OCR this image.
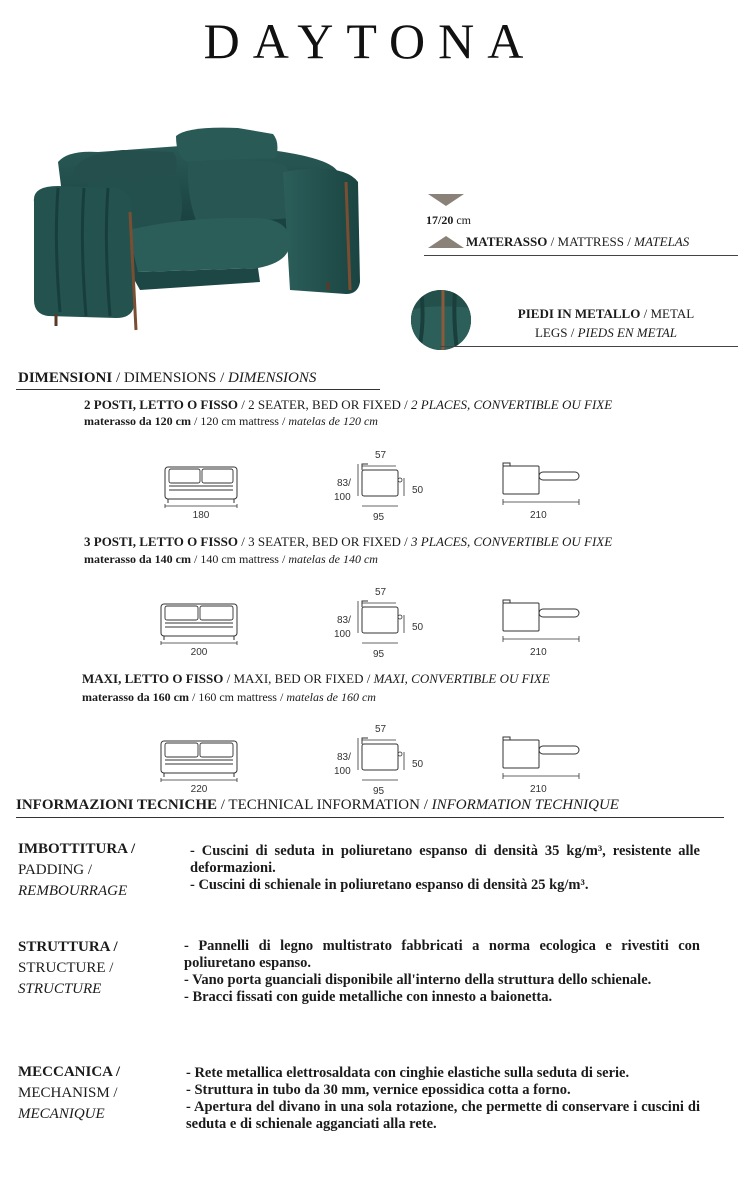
DAYTONA
17/20 cm
MATERASSO / MATTRESS / MATELAS
PIEDI IN METALLO / METAL
LEGS / PIEDS EN METAL
DIMENSIONI / DIMENSIONS / DIMENSIONS
2 POSTI, LETTO O FISSO / 2 SEATER, BED OR FIXED / 2 PLACES, CONVERTIBLE OU FIXE
materasso da 120 cm / 120 cm mattress / matelas de 120 cm
3 POSTI, LETTO O FISSO / 3 SEATER, BED OR FIXED / 3 PLACES, CONVERTIBLE OU FIXE
materasso da 140 cm / 140 cm mattress / matelas de 140 cm
MAXI, LETTO O FISSO / MAXI, BED OR FIXED / MAXI, CONVERTIBLE OU FIXE
materasso da 160 cm / 160 cm mattress / matelas de 160 cm
180
57
83/
100
50
95	210
200
57
83/
100
50
95	210
220
57
83/
100
50
95	210
INFORMAZIONI TECNICHE / TECHNICAL INFORMATION / INFORMATION TECHNIQUE
IMBOTTITURA /
PADDING /
REMBOURRAGE
- Cuscini di seduta in poliuretano espanso di densità 35 kg/m³, resistente alle deformazioni.
- Cuscini di schienale in poliuretano espanso di densità 25 kg/m³.
STRUTTURA /
STRUCTURE /
STRUCTURE
- Pannelli di legno multistrato fabbricati a norma ecologica e rivestiti con poliuretano espanso.
- Vano porta guanciali disponibile all'interno della struttura dello schienale.
- Bracci fissati con guide metalliche con innesto a baionetta.
MECCANICA /
MECHANISM /
MECANIQUE
- Rete metallica elettrosaldata con cinghie elastiche sulla seduta di serie.
- Struttura in tubo da 30 mm, vernice epossidica cotta a forno.
- Apertura del divano in una sola rotazione, che permette di conservare i cuscini di seduta e di schienale agganciati alla rete.
